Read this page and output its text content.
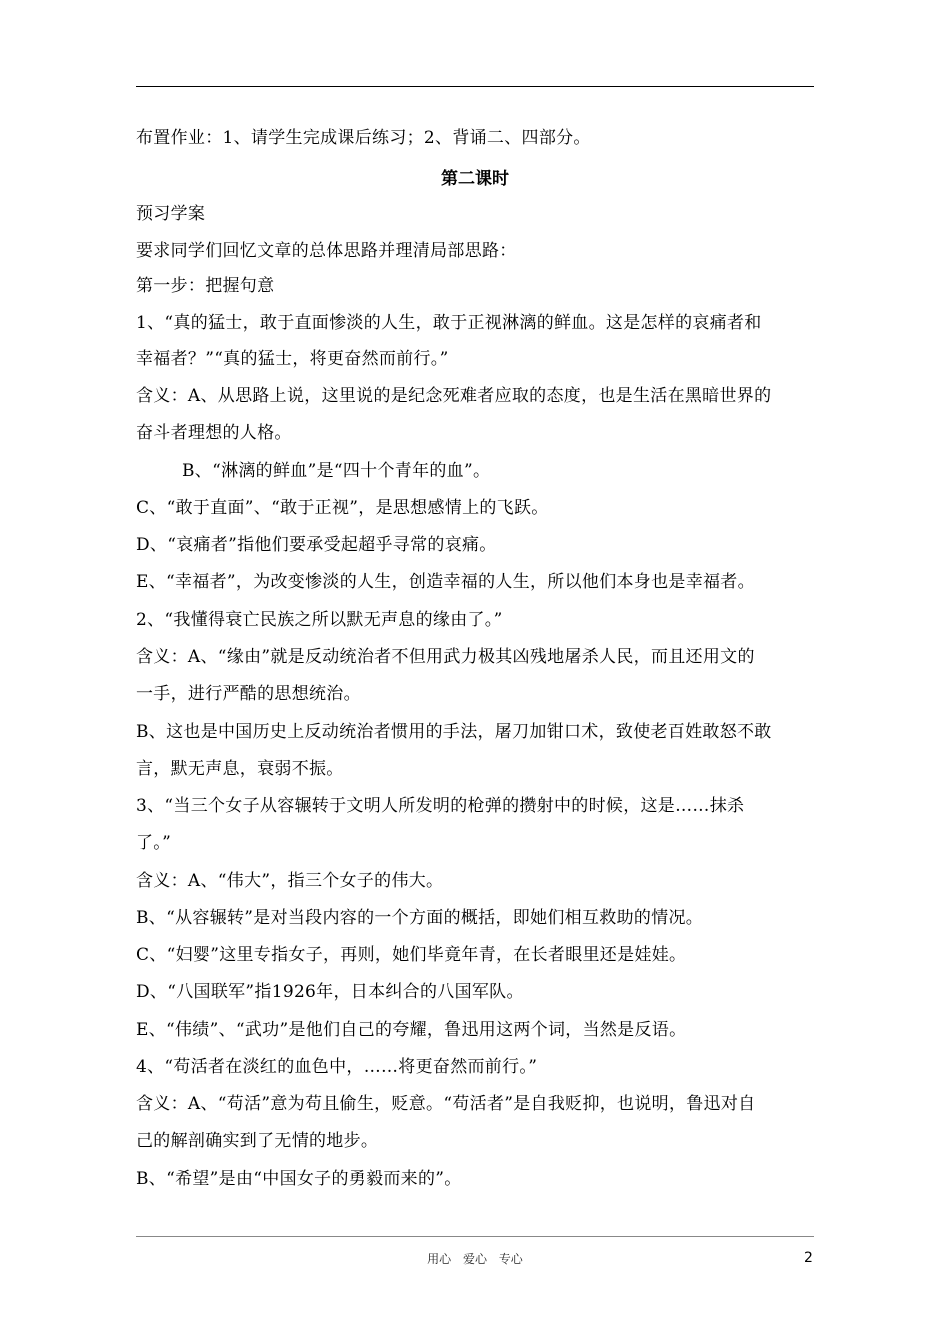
布置作业：1、请学生完成课后练习；2、背诵二、四部分。
第二课时
预习学案
要求同学们回忆文章的总体思路并理清局部思路：
第一步：把握句意
1、“真的猛士，敢于直面惨淡的人生，敢于正视淋漓的鲜血。这是怎样的哀痛者和
幸福者？”“真的猛士，将更奋然而前行。”
含义：A、从思路上说，这里说的是纪念死难者应取的态度，也是生活在黑暗世界的
奋斗者理想的人格。
B、“淋漓的鲜血”是“四十个青年的血”。
C、“敢于直面”、“敢于正视”，是思想感情上的飞跃。
D、“哀痛者”指他们要承受起超乎寻常的哀痛。
E、“幸福者”，为改变惨淡的人生，创造幸福的人生，所以他们本身也是幸福者。
2、“我懂得衰亡民族之所以默无声息的缘由了。”
含义：A、“缘由”就是反动统治者不但用武力极其凶残地屠杀人民，而且还用文的
一手，进行严酷的思想统治。
B、这也是中国历史上反动统治者惯用的手法，屠刀加钳口术，致使老百姓敢怒不敢
言，默无声息，衰弱不振。
3、“当三个女子从容辗转于文明人所发明的枪弹的攒射中的时候，这是……抹杀
了。”
含义：A、“伟大”，指三个女子的伟大。
B、“从容辗转”是对当段内容的一个方面的概括，即她们相互救助的情况。
C、“妇婴”这里专指女子，再则，她们毕竟年青，在长者眼里还是娃娃。
D、“八国联军”指1926年，日本纠合的八国军队。
E、“伟绩”、“武功”是他们自己的夸耀，鲁迅用这两个词，当然是反语。
4、“苟活者在淡红的血色中，……将更奋然而前行。”
含义：A、“苟活”意为苟且偷生，贬意。“苟活者”是自我贬抑，也说明，鲁迅对自
己的解剖确实到了无情的地步。
B、“希望”是由“中国女子的勇毅而来的”。
用心 爱心 专心	2
